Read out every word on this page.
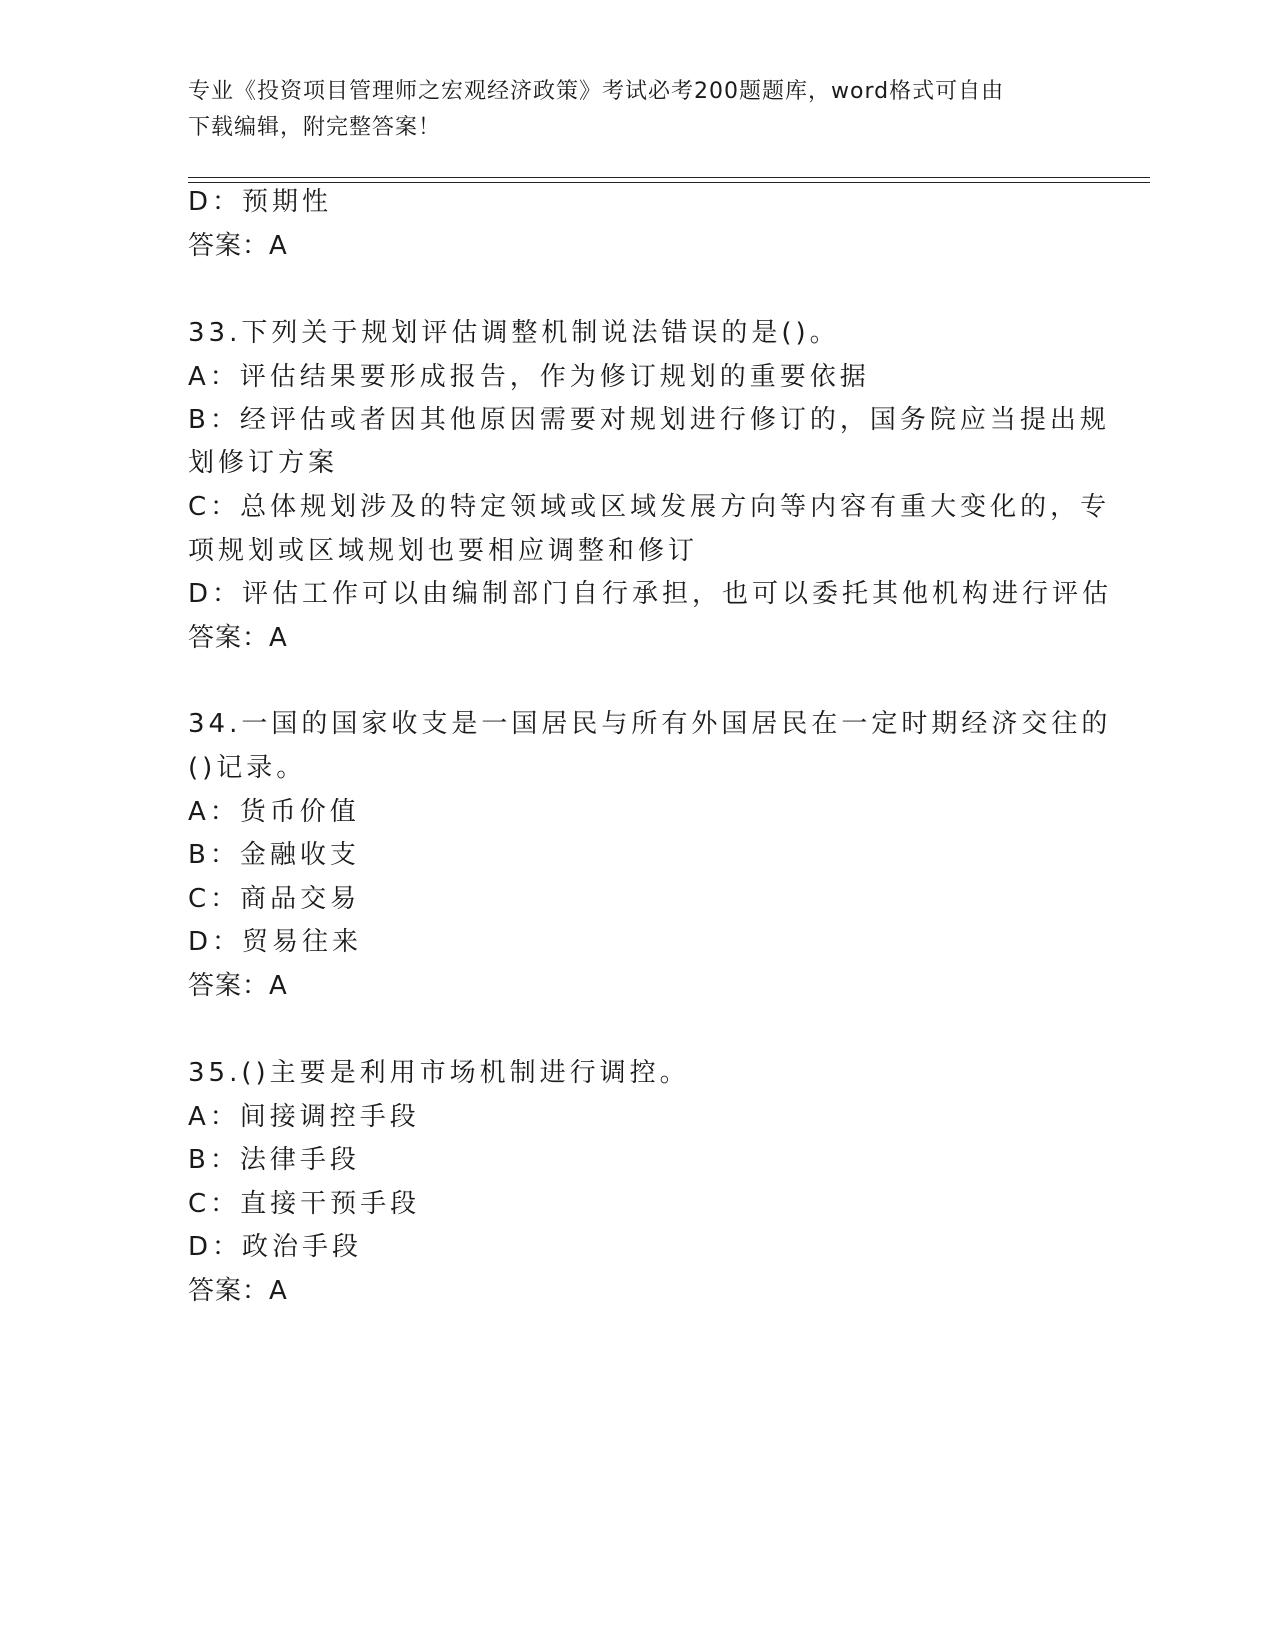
专业《投资项目管理师之宏观经济政策》考试必考200题题库，word格式可自由
下载编辑，附完整答案！
D：预期性
答案：A
33.下列关于规划评估调整机制说法错误的是()。
A：评估结果要形成报告，作为修订规划的重要依据
B：经评估或者因其他原因需要对规划进行修订的，国务院应当提出规
划修订方案
C：总体规划涉及的特定领域或区域发展方向等内容有重大变化的，专
项规划或区域规划也要相应调整和修订
D：评估工作可以由编制部门自行承担，也可以委托其他机构进行评估
答案：A
34.一国的国家收支是一国居民与所有外国居民在一定时期经济交往的
()记录。
A：货币价值
B：金融收支
C：商品交易
D：贸易往来
答案：A
35.()主要是利用市场机制进行调控。
A：间接调控手段
B：法律手段
C：直接干预手段
D：政治手段
答案：A
